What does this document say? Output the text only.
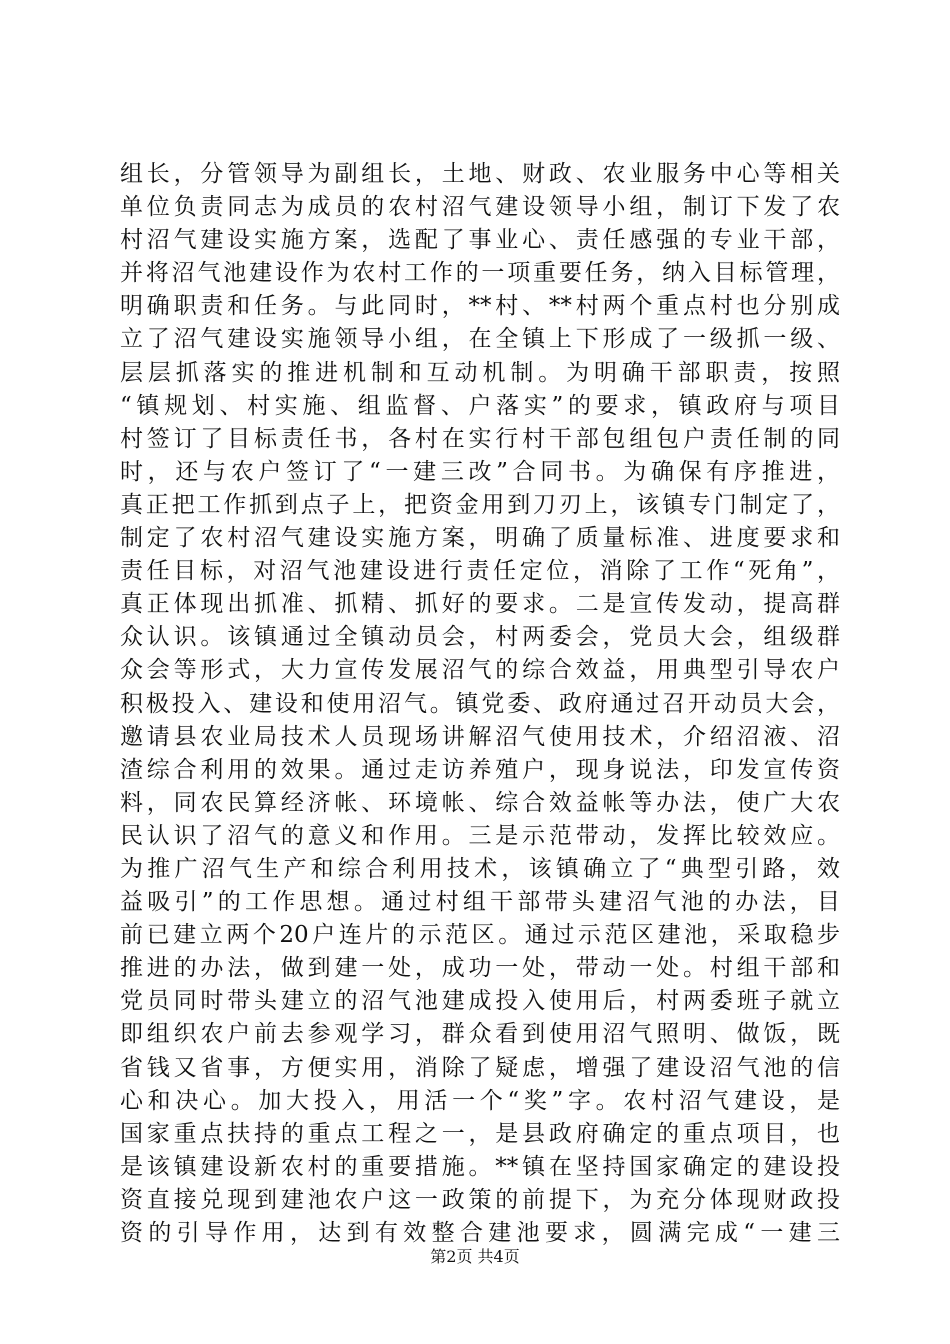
组长，分管领导为副组长，土地、财政、农业服务中心等相关
单位负责同志为成员的农村沼气建设领导小组，制订下发了农
村沼气建设实施方案，选配了事业心、责任感强的专业干部，
并将沼气池建设作为农村工作的一项重要任务，纳入目标管理，
明确职责和任务。与此同时，**村、**村两个重点村也分别成
立了沼气建设实施领导小组，在全镇上下形成了一级抓一级、
层层抓落实的推进机制和互动机制。为明确干部职责，按照
“镇规划、村实施、组监督、户落实”的要求，镇政府与项目
村签订了目标责任书，各村在实行村干部包组包户责任制的同
时，还与农户签订了“一建三改”合同书。为确保有序推进，
真正把工作抓到点子上，把资金用到刀刃上，该镇专门制定了，
制定了农村沼气建设实施方案，明确了质量标准、进度要求和
责任目标，对沼气池建设进行责任定位，消除了工作“死角”，
真正体现出抓准、抓精、抓好的要求。二是宣传发动，提高群
众认识。该镇通过全镇动员会，村两委会，党员大会，组级群
众会等形式，大力宣传发展沼气的综合效益，用典型引导农户
积极投入、建设和使用沼气。镇党委、政府通过召开动员大会，
邀请县农业局技术人员现场讲解沼气使用技术，介绍沼液、沼
渣综合利用的效果。通过走访养殖户，现身说法，印发宣传资
料，同农民算经济帐、环境帐、综合效益帐等办法，使广大农
民认识了沼气的意义和作用。三是示范带动，发挥比较效应。
为推广沼气生产和综合利用技术，该镇确立了“典型引路，效
益吸引”的工作思想。通过村组干部带头建沼气池的办法，目
前已建立两个20户连片的示范区。通过示范区建池，采取稳步
推进的办法，做到建一处，成功一处，带动一处。村组干部和
党员同时带头建立的沼气池建成投入使用后，村两委班子就立
即组织农户前去参观学习，群众看到使用沼气照明、做饭，既
省钱又省事，方便实用，消除了疑虑，增强了建设沼气池的信
心和决心。加大投入，用活一个“奖”字。农村沼气建设，是
国家重点扶持的重点工程之一，是县政府确定的重点项目，也
是该镇建设新农村的重要措施。**镇在坚持国家确定的建设投
资直接兑现到建池农户这一政策的前提下，为充分体现财政投
资的引导作用，达到有效整合建池要求，圆满完成“一建三
第2页 共4页
